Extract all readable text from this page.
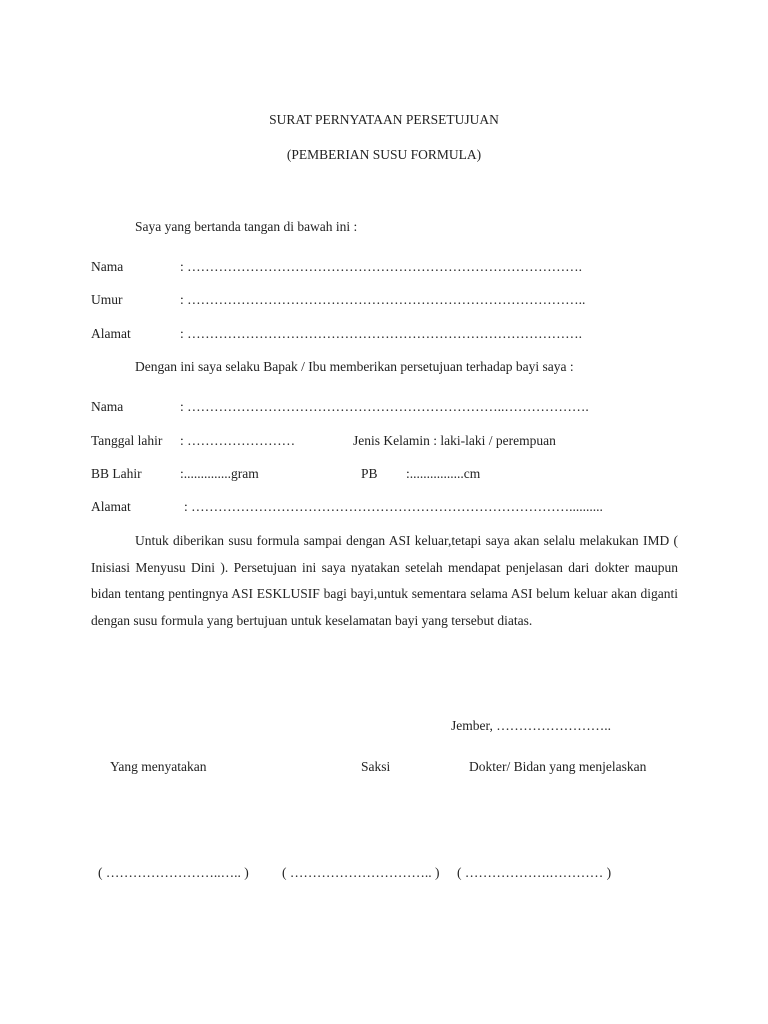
SURAT PERNYATAAN PERSETUJUAN
(PEMBERIAN SUSU FORMULA)
Saya yang bertanda tangan di bawah ini :
Nama	: …………………………………………………………………………….
Umur	: ……………………………………………………………………………..
Alamat	: …………………………………………………………………………….
Dengan ini saya selaku Bapak / Ibu memberikan persetujuan terhadap bayi saya :
Nama	: ……………………………………………………………..……………….
Tanggal lahir : ……………………	Jenis Kelamin : laki-laki / perempuan
BB Lahir	:..............gram	PB :................cm
Alamat	: …………………………………………………………………………..........
Untuk diberikan susu formula sampai dengan ASI keluar,tetapi saya akan selalu melakukan IMD ( Inisiasi Menyusu Dini ). Persetujuan ini saya nyatakan setelah mendapat penjelasan dari dokter maupun bidan tentang pentingnya ASI ESKLUSIF bagi bayi,untuk sementara selama ASI belum keluar akan diganti dengan susu formula yang bertujuan untuk keselamatan bayi yang tersebut diatas.
Jember, ……………………..
Yang menyatakan	Saksi	Dokter/ Bidan yang menjelaskan
( ……………………..….. ) ( ………………………….. ) ( ……………….………… )
